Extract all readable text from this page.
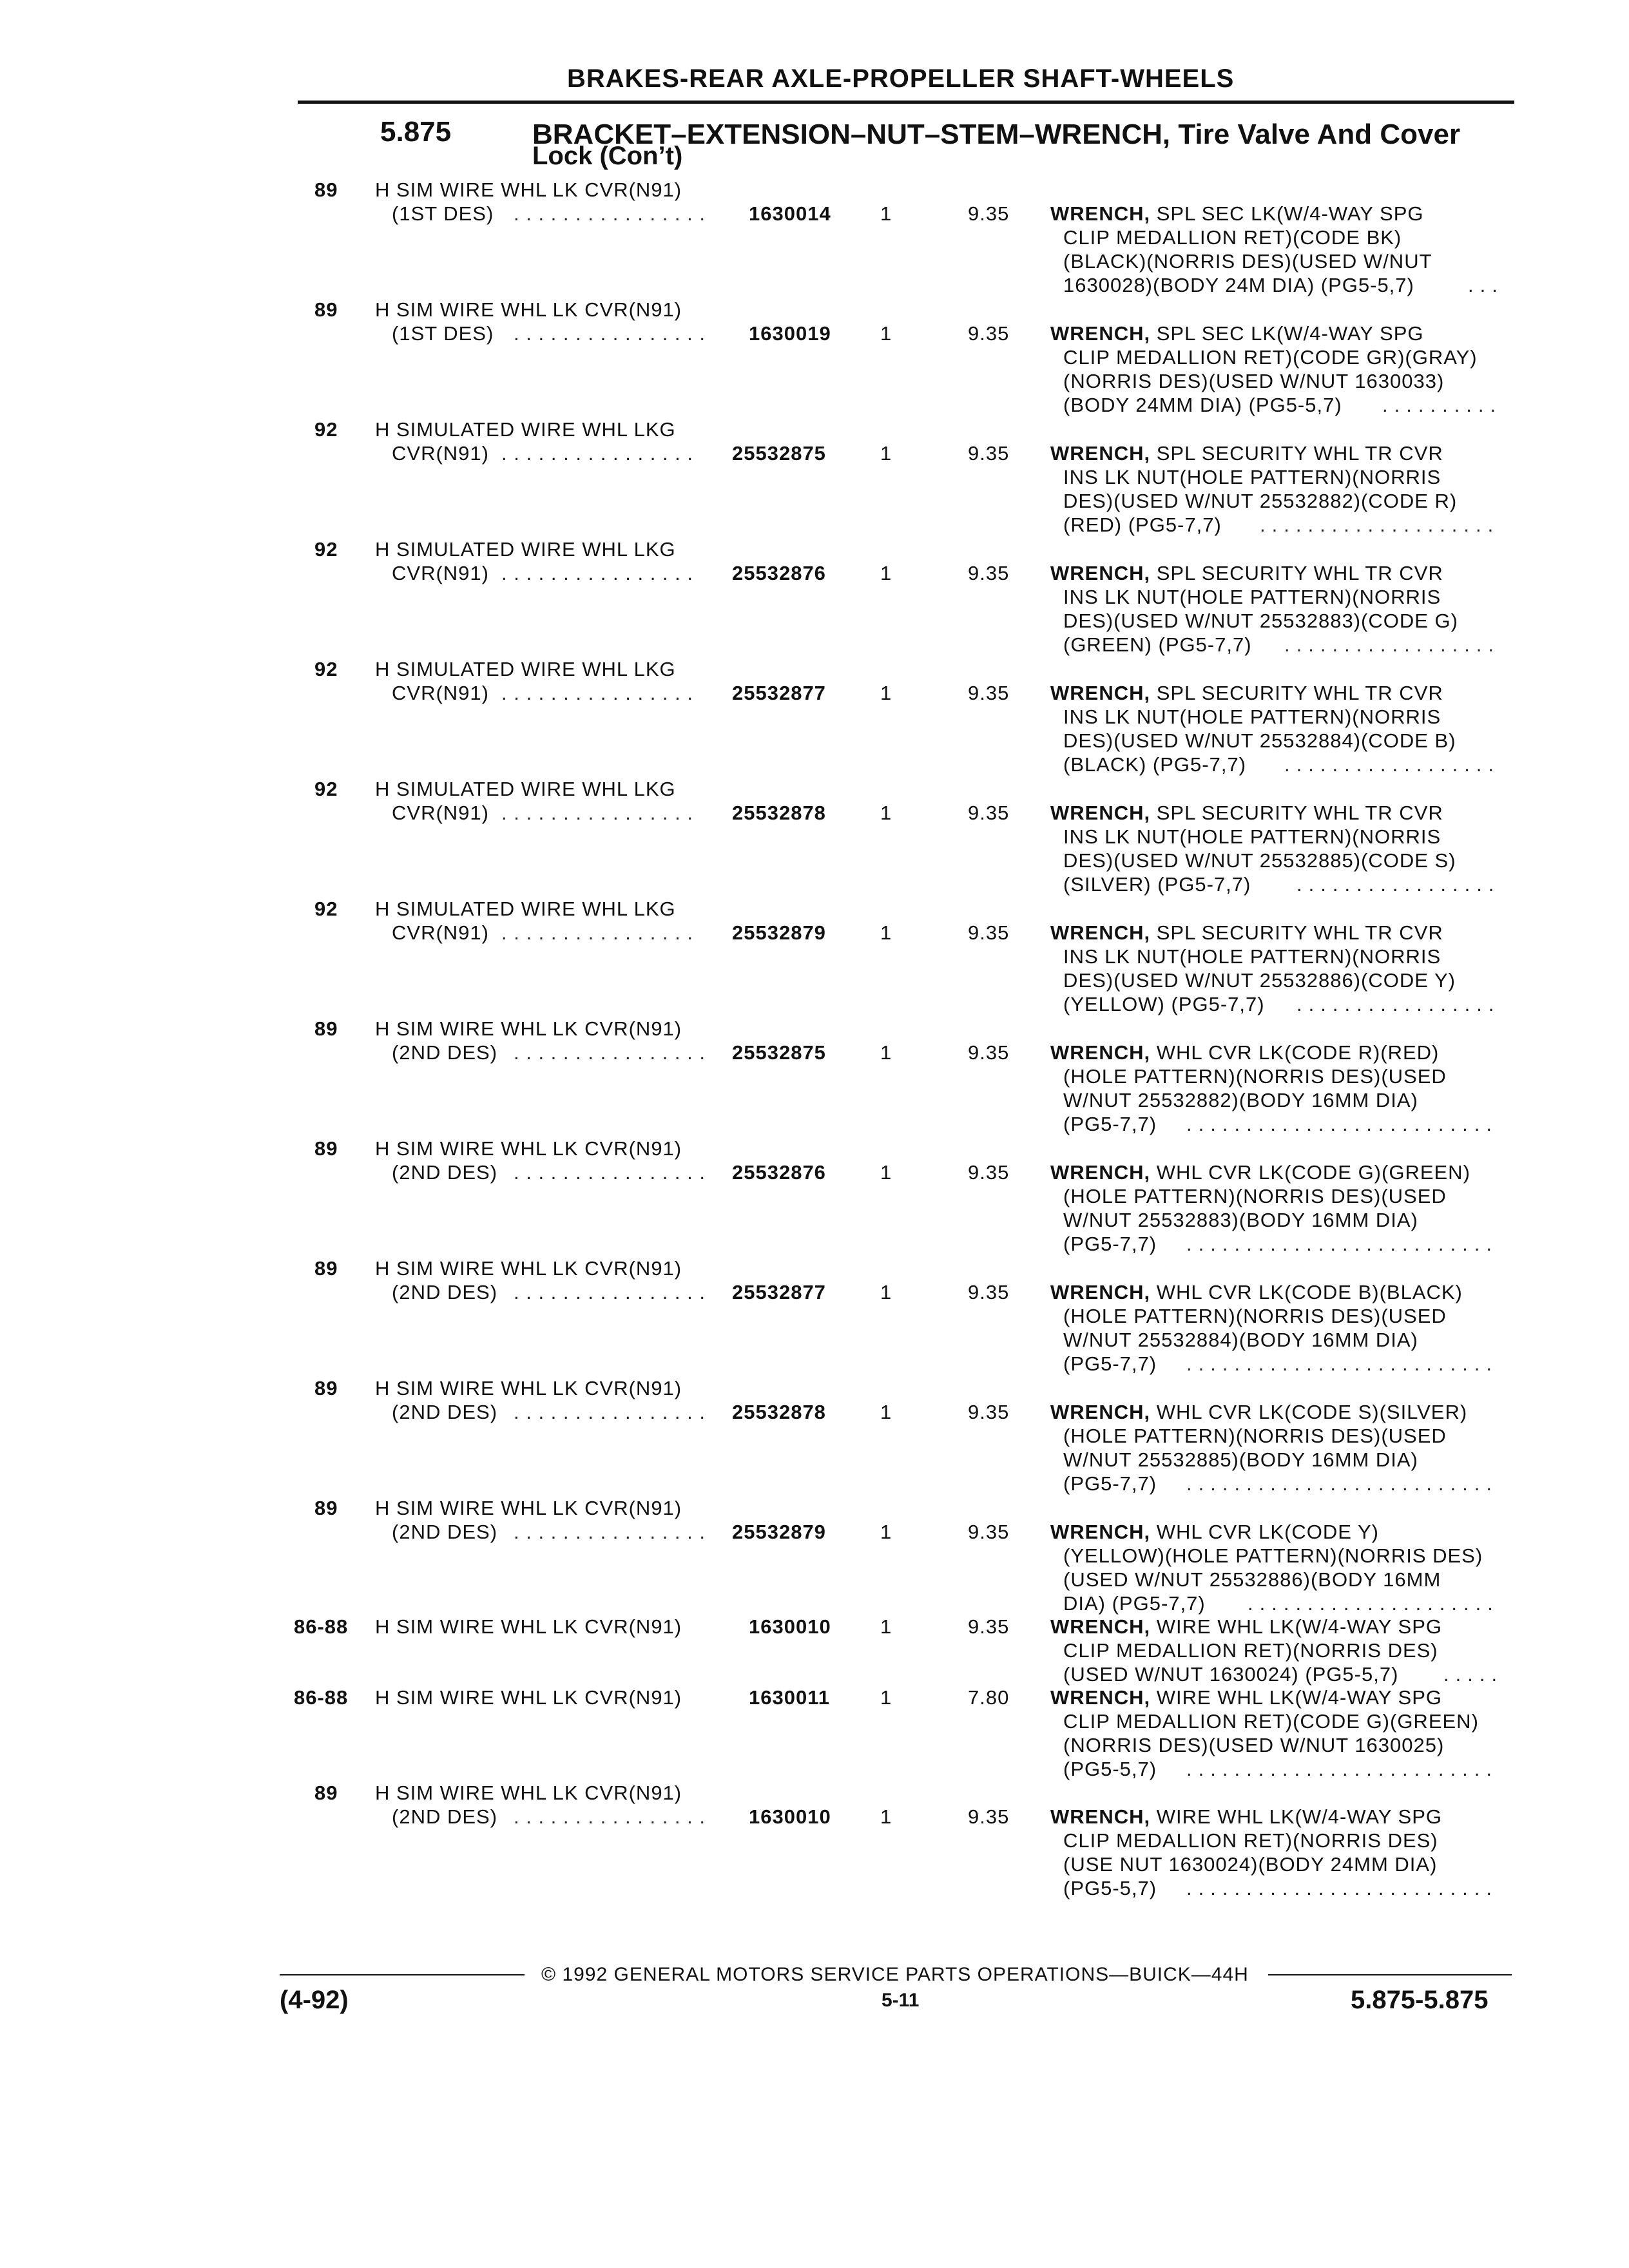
BRAKES-REAR AXLE-PROPELLER SHAFT-WHEELS
5.875	BRACKET–EXTENSION–NUT–STEM–WRENCH, Tire Valve And Cover
Lock (Con’t)
89 H SIM WIRE WHL LK CVR(N91)
(1ST DES) . . . . . . . . . . . . . . . . 1630014 1	9.35 WRENCH, SPL SEC LK(W/4-WAY SPG
CLIP MEDALLION RET)(CODE BK)
(BLACK)(NORRIS DES)(USED W/NUT
1630028)(BODY 24M DIA) (PG5-5,7)	...
89 H SIM WIRE WHL LK CVR(N91)
(1ST DES) . . . . . . . . . . . . . . . . 1630019 1	9.35 WRENCH, SPL SEC LK(W/4-WAY SPG
CLIP MEDALLION RET)(CODE GR)(GRAY)
(NORRIS DES)(USED W/NUT 1630033)
(BODY 24MM DIA) (PG5-5,7) ..........
92 H SIMULATED WIRE WHL LKG
CVR(N91) . . . . . . . . . . . . . . . . 25532875	1	9.35 WRENCH, SPL SECURITY WHL TR CVR
INS LK NUT(HOLE PATTERN)(NORRIS
DES)(USED W/NUT 25532882)(CODE R)
(RED) (PG5-7,7) ....................
92 H SIMULATED WIRE WHL LKG
CVR(N91) . . . . . . . . . . . . . . . . 25532876	1	9.35 WRENCH, SPL SECURITY WHL TR CVR
INS LK NUT(HOLE PATTERN)(NORRIS
DES)(USED W/NUT 25532883)(CODE G)
(GREEN) (PG5-7,7) ..................
92 H SIMULATED WIRE WHL LKG
CVR(N91) . . . . . . . . . . . . . . . . 25532877	1	9.35 WRENCH, SPL SECURITY WHL TR CVR
INS LK NUT(HOLE PATTERN)(NORRIS
DES)(USED W/NUT 25532884)(CODE B)
(BLACK) (PG5-7,7) ..................
92 H SIMULATED WIRE WHL LKG
CVR(N91) . . . . . . . . . . . . . . . . 25532878	1	9.35 WRENCH, SPL SECURITY WHL TR CVR
INS LK NUT(HOLE PATTERN)(NORRIS
DES)(USED W/NUT 25532885)(CODE S)
(SILVER) (PG5-7,7) .................
92 H SIMULATED WIRE WHL LKG
CVR(N91) . . . . . . . . . . . . . . . . 25532879	1	9.35 WRENCH, SPL SECURITY WHL TR CVR
INS LK NUT(HOLE PATTERN)(NORRIS
DES)(USED W/NUT 25532886)(CODE Y)
(YELLOW) (PG5-7,7) .................
89 H SIM WIRE WHL LK CVR(N91)
(2ND DES) . . . . . . . . . . . . . . . . 25532875	1	9.35 WRENCH, WHL CVR LK(CODE R)(RED)
(HOLE PATTERN)(NORRIS DES)(USED
W/NUT 25532882)(BODY 16MM DIA)
(PG5-7,7) ..........................
89 H SIM WIRE WHL LK CVR(N91)
(2ND DES) . . . . . . . . . . . . . . . . 25532876	1	9.35 WRENCH, WHL CVR LK(CODE G)(GREEN)
(HOLE PATTERN)(NORRIS DES)(USED
W/NUT 25532883)(BODY 16MM DIA)
(PG5-7,7) ..........................
89 H SIM WIRE WHL LK CVR(N91)
(2ND DES) . . . . . . . . . . . . . . . . 25532877	1	9.35 WRENCH, WHL CVR LK(CODE B)(BLACK)
(HOLE PATTERN)(NORRIS DES)(USED
W/NUT 25532884)(BODY 16MM DIA)
(PG5-7,7) ..........................
89 H SIM WIRE WHL LK CVR(N91)
(2ND DES) . . . . . . . . . . . . . . . . 25532878	1	9.35 WRENCH, WHL CVR LK(CODE S)(SILVER)
(HOLE PATTERN)(NORRIS DES)(USED
W/NUT 25532885)(BODY 16MM DIA)
(PG5-7,7) ..........................
89 H SIM WIRE WHL LK CVR(N91)
(2ND DES) . . . . . . . . . . . . . . . . 25532879	1	9.35 WRENCH, WHL CVR LK(CODE Y)
(YELLOW)(HOLE PATTERN)(NORRIS DES)
(USED W/NUT 25532886)(BODY 16MM
DIA) (PG5-7,7) .....................
86-88 H SIM WIRE WHL LK CVR(N91)	1630010 1	9.35 WRENCH, WIRE WHL LK(W/4-WAY SPG
CLIP MEDALLION RET)(NORRIS DES)
(USED W/NUT 1630024) (PG5-5,7) .....
86-88 H SIM WIRE WHL LK CVR(N91)	1630011	1	7.80 WRENCH, WIRE WHL LK(W/4-WAY SPG
CLIP MEDALLION RET)(CODE G)(GREEN)
(NORRIS DES)(USED W/NUT 1630025)
(PG5-5,7) ..........................
89 H SIM WIRE WHL LK CVR(N91)
(2ND DES) . . . . . . . . . . . . . . . . 1630010 1	9.35 WRENCH, WIRE WHL LK(W/4-WAY SPG
CLIP MEDALLION RET)(NORRIS DES)
(USE NUT 1630024)(BODY 24MM DIA)
(PG5-5,7) ..........................
© 1992 GENERAL MOTORS SERVICE PARTS OPERATIONS—BUICK—44H
(4-92)	5-11	5.875-5.875
